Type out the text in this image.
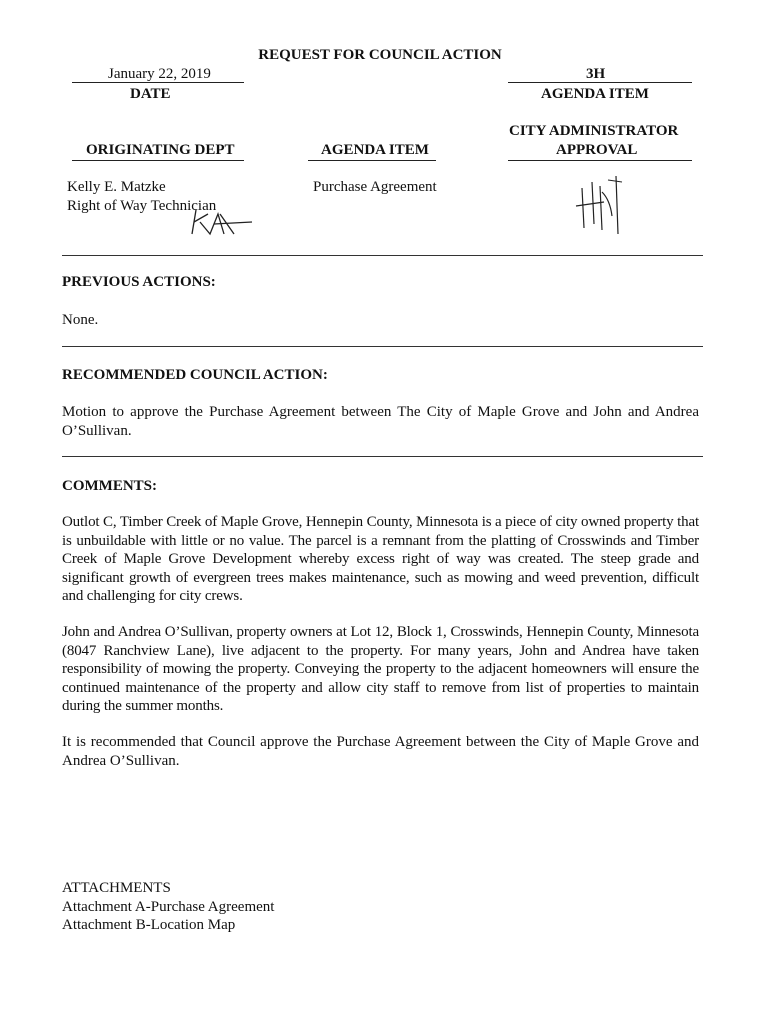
REQUEST FOR COUNCIL ACTION
January 22, 2019
DATE
3H
AGENDA ITEM
ORIGINATING DEPT	AGENDA ITEM
CITY ADMINISTRATOR
APPROVAL
Kelly E. Matzke
Right of Way Technician
Purchase Agreement
PREVIOUS ACTIONS:
None.
RECOMMENDED COUNCIL ACTION:
Motion to approve the Purchase Agreement between The City of Maple Grove and John and Andrea O’Sullivan.
COMMENTS:
Outlot C, Timber Creek of Maple Grove, Hennepin County, Minnesota is a piece of city owned property that is unbuildable with little or no value. The parcel is a remnant from the platting of Crosswinds and Timber Creek of Maple Grove Development whereby excess right of way was created. The steep grade and significant growth of evergreen trees makes maintenance, such as mowing and weed prevention, difficult and challenging for city crews.
John and Andrea O’Sullivan, property owners at Lot 12, Block 1, Crosswinds, Hennepin County, Minnesota (8047 Ranchview Lane), live adjacent to the property. For many years, John and Andrea have taken responsibility of mowing the property. Conveying the property to the adjacent homeowners will ensure the continued maintenance of the property and allow city staff to remove from list of properties to maintain during the summer months.
It is recommended that Council approve the Purchase Agreement between the City of Maple Grove and Andrea O’Sullivan.
ATTACHMENTS
Attachment A-Purchase Agreement
Attachment B-Location Map
